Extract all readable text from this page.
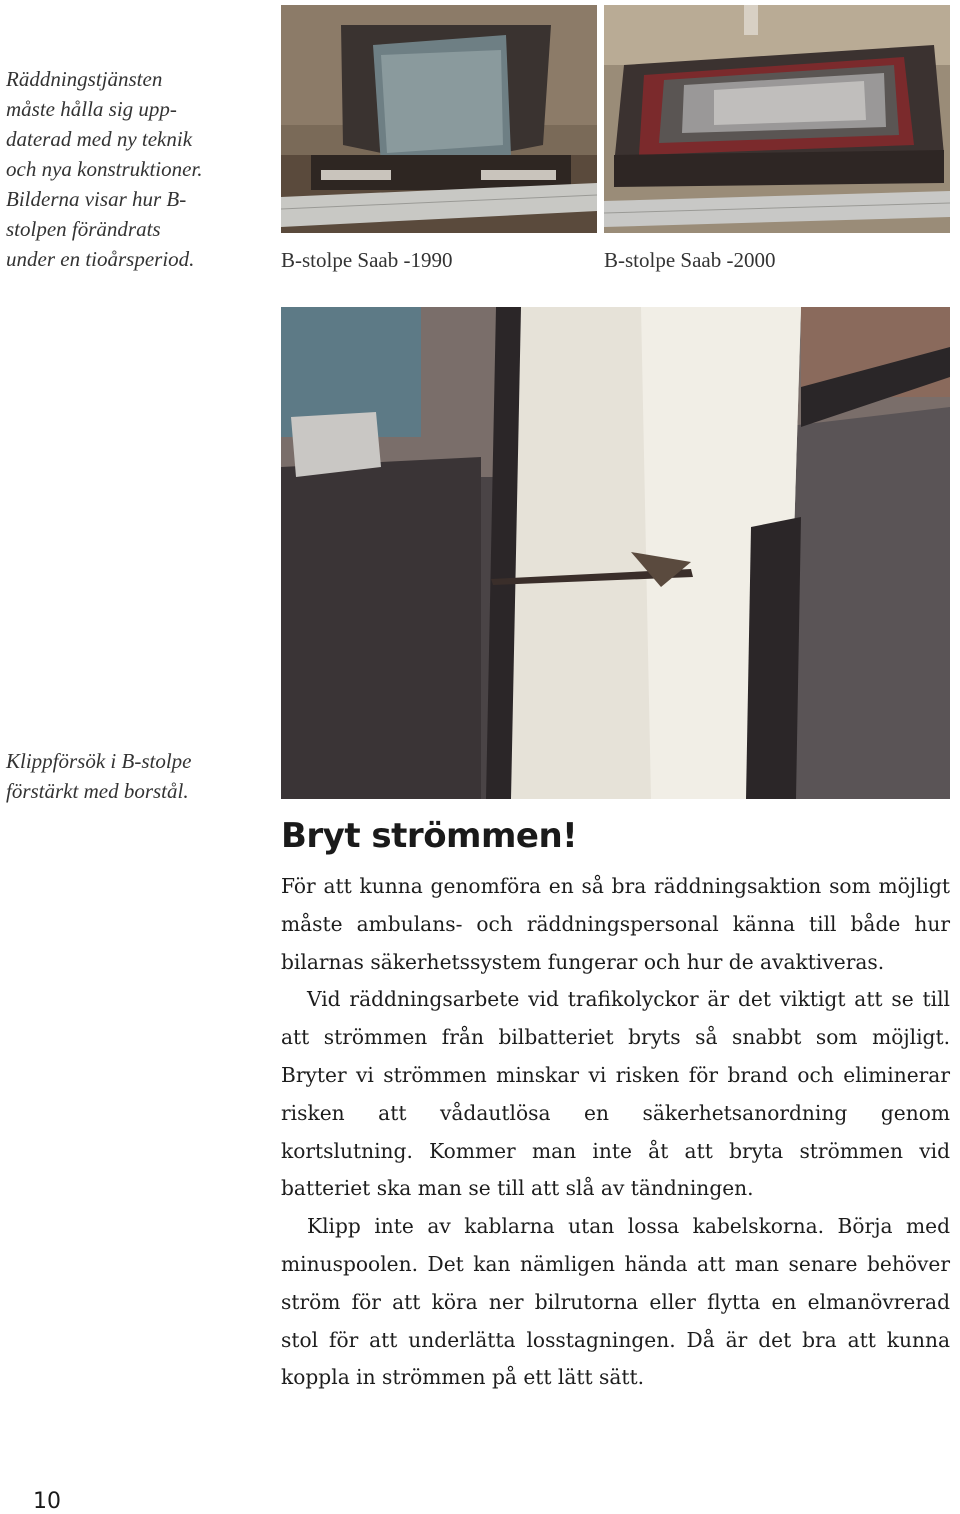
Räddningstjänsten
måste hålla sig upp-
daterad med ny teknik
och nya konstruktioner.
Bilderna visar hur B-
stolpen förändrats
under en tioårsperiod.	B-stolpe Saab -1990	B-stolpe Saab -2000
Klippförsök i B-stolpe
förstärkt med borstål.
Bryt strömmen!

För att kunna genomföra en så bra räddningsaktion som möjligt måste ambulans- och räddningspersonal känna till både hur bilarnas säkerhetssystem fungerar och hur de avaktiveras.

Vid räddningsarbete vid trafikolyckor är det viktigt att se till att strömmen från bilbatteriet bryts så snabbt som möjligt. Bryter vi strömmen minskar vi risken för brand och eliminerar risken att vådautlösa en säkerhetsanordning genom kortslutning. Kommer man inte åt att bryta strömmen vid batteriet ska man se till att slå av tändningen.

Klipp inte av kablarna utan lossa kabelskorna. Börja med minuspoolen. Det kan nämligen hända att man senare behöver ström för att köra ner bilrutorna eller flytta en elmanövrerad stol för att underlätta losstagningen. Då är det bra att kunna koppla in strömmen på ett lätt sätt.

10
